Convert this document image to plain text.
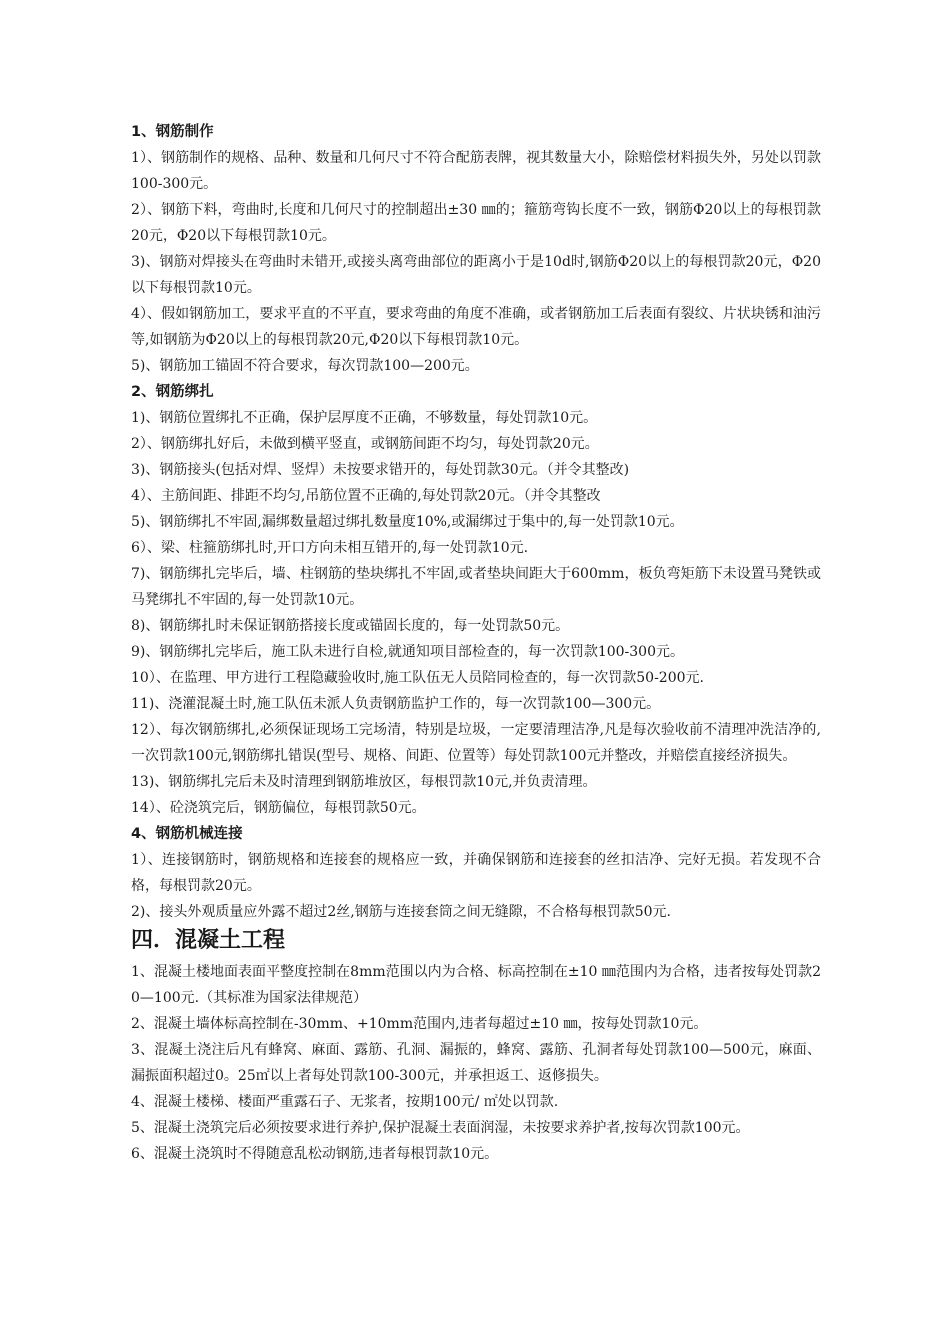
1、钢筋制作
1）、钢筋制作的规格、品种、数量和几何尺寸不符合配筋表牌，视其数量大小，除赔偿材料损失外，另处以罚款100-300元。
2）、钢筋下料，弯曲时,长度和几何尺寸的控制超出±30 ㎜的；箍筋弯钩长度不一致，钢筋Φ20以上的每根罚款20元，Φ20以下每根罚款10元。
3)、钢筋对焊接头在弯曲时未错开,或接头离弯曲部位的距离小于是10d时,钢筋Φ20以上的每根罚款20元，Φ20以下每根罚款10元。
4）、假如钢筋加工，要求平直的不平直，要求弯曲的角度不准确，或者钢筋加工后表面有裂纹、片状块锈和油污等,如钢筋为Φ20以上的每根罚款20元,Φ20以下每根罚款10元。
5)、钢筋加工锚固不符合要求，每次罚款100—200元。
2、钢筋绑扎
1)、钢筋位置绑扎不正确，保护层厚度不正确，不够数量，每处罚款10元。
2）、钢筋绑扎好后，未做到横平竖直，或钢筋间距不均匀，每处罚款20元。
3)、钢筋接头(包括对焊、竖焊）未按要求错开的，每处罚款30元。（并令其整改)
4）、主筋间距、排距不均匀,吊筋位置不正确的,每处罚款20元。（并令其整改
5)、钢筋绑扎不牢固,漏绑数量超过绑扎数量度10%,或漏绑过于集中的,每一处罚款10元。
6）、梁、柱箍筋绑扎时,开口方向未相互错开的,每一处罚款10元.
7)、钢筋绑扎完毕后，墙、柱钢筋的垫块绑扎不牢固,或者垫块间距大于600mm，板负弯矩筋下未设置马凳铁或马凳绑扎不牢固的,每一处罚款10元。
8)、钢筋绑扎时未保证钢筋搭接长度或锚固长度的，每一处罚款50元。
9)、钢筋绑扎完毕后，施工队未进行自检,就通知项目部检查的，每一次罚款100-300元。
10）、在监理、甲方进行工程隐藏验收时,施工队伍无人员陪同检查的，每一次罚款50-200元.
11)、浇灌混凝土时,施工队伍未派人负责钢筋监护工作的，每一次罚款100—300元。
12）、每次钢筋绑扎,必须保证现场工完场清，特别是垃圾，一定要清理洁净,凡是每次验收前不清理冲洗洁净的,一次罚款100元,钢筋绑扎错误(型号、规格、间距、位置等）每处罚款100元并整改，并赔偿直接经济损失。
13)、钢筋绑扎完后未及时清理到钢筋堆放区，每根罚款10元,并负责清理。
14）、砼浇筑完后，钢筋偏位，每根罚款50元。
4、钢筋机械连接
1）、连接钢筋时，钢筋规格和连接套的规格应一致，并确保钢筋和连接套的丝扣洁净、完好无损。若发现不合格，每根罚款20元。
2)、接头外观质量应外露不超过2丝,钢筋与连接套筒之间无缝隙，不合格每根罚款50元.
四．混凝土工程
1、混凝土楼地面表面平整度控制在8mm范围以内为合格、标高控制在±10 ㎜范围内为合格，违者按每处罚款20—100元.（其标准为国家法律规范）
2、混凝土墙体标高控制在-30mm、+10mm范围内,违者每超过±10 ㎜，按每处罚款10元。
3、混凝土浇注后凡有蜂窝、麻面、露筋、孔洞、漏振的，蜂窝、露筋、孔洞者每处罚款100—500元，麻面、漏振面积超过0。25㎡以上者每处罚款100-300元，并承担返工、返修损失。
4、混凝土楼梯、楼面严重露石子、无浆者，按期100元/ ㎡处以罚款.
5、混凝土浇筑完后必须按要求进行养护,保护混凝土表面润湿，未按要求养护者,按每次罚款100元。
6、混凝土浇筑时不得随意乱松动钢筋,违者每根罚款10元。
